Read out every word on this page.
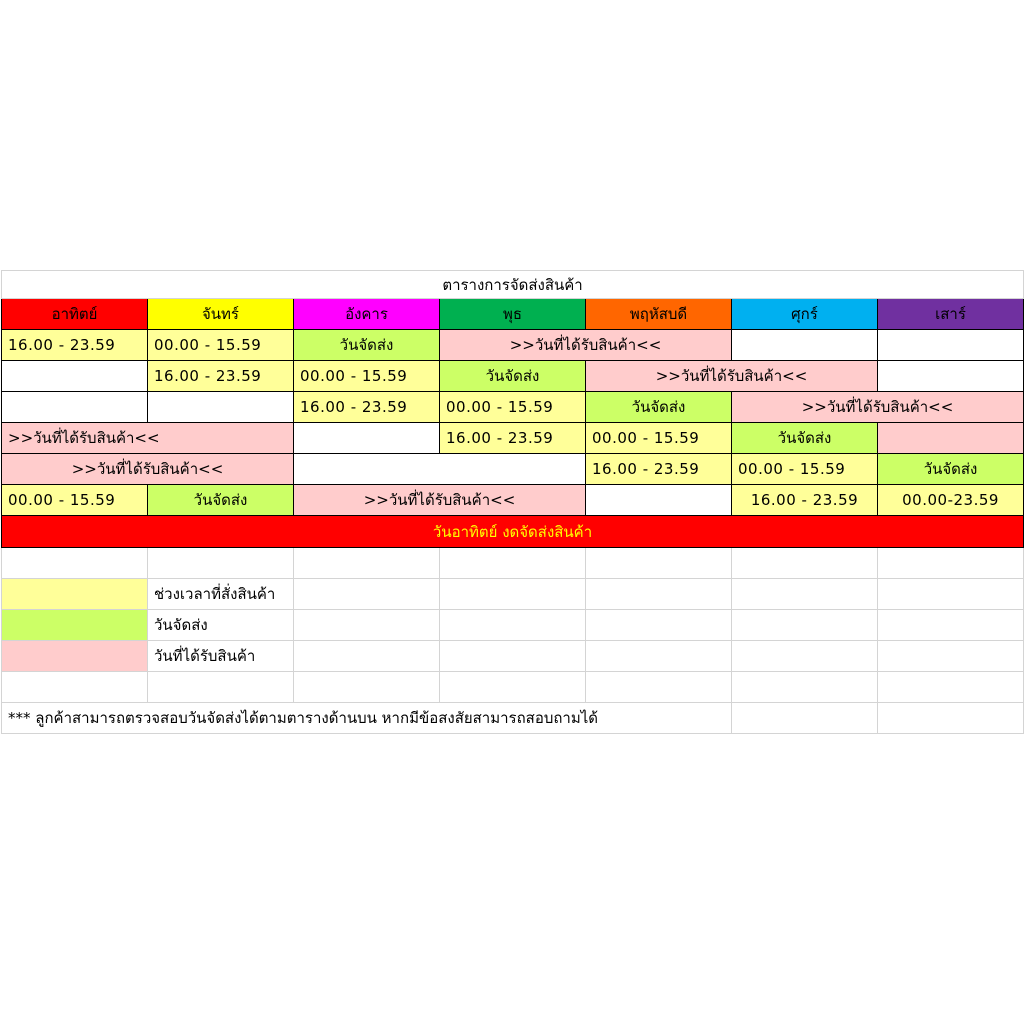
ตารางการจัดส่งสินค้า						
อาทิตย์	จันทร์	อังคาร	พุธ	พฤหัสบดี	ศุกร์	เสาร์
16.00 - 23.59	00.00 - 15.59	วันจัดส่ง	>>วันที่ได้รับสินค้า<<			
	16.00 - 23.59	00.00 - 15.59	วันจัดส่ง	>>วันที่ได้รับสินค้า<<		
		16.00 - 23.59	00.00 - 15.59	วันจัดส่ง	>>วันที่ได้รับสินค้า<<	
>>วันที่ได้รับสินค้า<<			16.00 - 23.59	00.00 - 15.59	วันจัดส่ง	
>>วันที่ได้รับสินค้า<<				16.00 - 23.59	00.00 - 15.59	วันจัดส่ง
00.00 - 15.59	วันจัดส่ง	>>วันที่ได้รับสินค้า<<			16.00 - 23.59	00.00-23.59
วันอาทิตย์ งดจัดส่งสินค้า						

	ช่วงเวลาที่สั่งสินค้า					
	วันจัดส่ง					
	วันที่ได้รับสินค้า					

*** ลูกค้าสามารถตรวจสอบวันจัดส่งได้ตามตารางด้านบน หากมีข้อสงสัยสามารถสอบถามได้						
